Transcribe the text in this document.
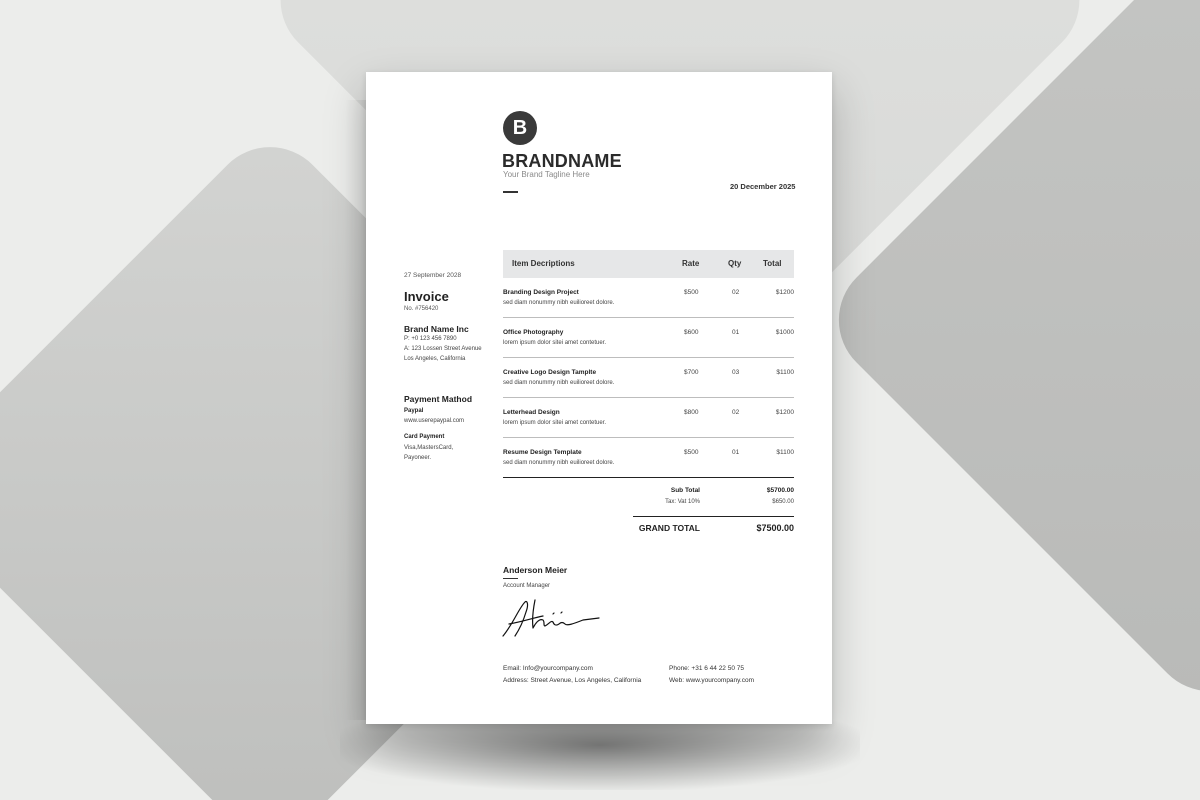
B
BRANDNAME
Your Brand Tagline Here
20 December 2025
27 September 2028
Invoice
No. #756420
Brand Name Inc
P: +0 123 456 7890
A: 123 Lossen Street Avenue
Los Angeles, California
Payment Mathod
Paypal
www.userepaypal.com
Card Payment
Visa,MastersCard,
Payoneer.
Item Decriptions	Rate	Qty	Total
Branding Design Project
sed diam nonummy nibh euilioreet dolore.
$500	02	$1200
Office Photography
lorem ipsum dolor sitei amet contetuer.
$600	01	$1000
Creative Logo Design Tamplte
sed diam nonummy nibh euilioreet dolore.
$700	03	$1100
Letterhead Design
lorem ipsum dolor sitei amet contetuer.
$800	02	$1200
Resume Design Template
sed diam nonummy nibh euilioreet dolore.
$500	01	$1100
Sub Total	$5700.00
Tax: Vat 10%	$650.00
GRAND TOTAL	$7500.00
Anderson Meier
Account Manager
Email: Info@yourcompany.com
Address: Street Avenue, Los Angeles, California
Phone: +31 6 44 22 50 75
Web: www.yourcompany.com
